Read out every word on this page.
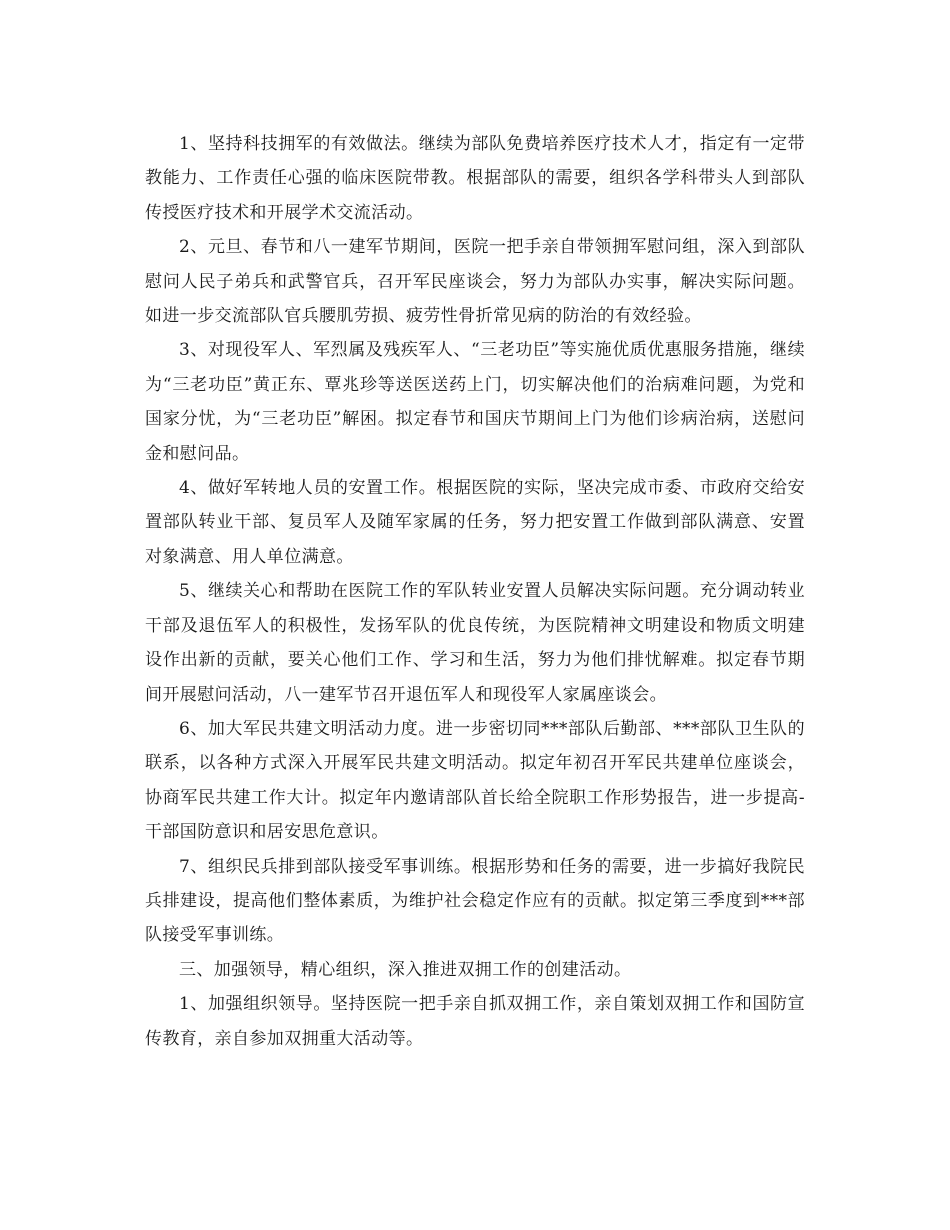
1、坚持科技拥军的有效做法。继续为部队免费培养医疗技术人才，指定有一定带教能力、工作责任心强的临床医院带教。根据部队的需要，组织各学科带头人到部队传授医疗技术和开展学术交流活动。

2、元旦、春节和八一建军节期间，医院一把手亲自带领拥军慰问组，深入到部队慰问人民子弟兵和武警官兵，召开军民座谈会，努力为部队办实事，解决实际问题。如进一步交流部队官兵腰肌劳损、疲劳性骨折常见病的防治的有效经验。

3、对现役军人、军烈属及残疾军人、“三老功臣”等实施优质优惠服务措施，继续为“三老功臣”黄正东、覃兆珍等送医送药上门，切实解决他们的治病难问题，为党和国家分忧，为“三老功臣”解困。拟定春节和国庆节期间上门为他们诊病治病，送慰问金和慰问品。

4、做好军转地人员的安置工作。根据医院的实际，坚决完成市委、市政府交给安置部队转业干部、复员军人及随军家属的任务，努力把安置工作做到部队满意、安置对象满意、用人单位满意。

5、继续关心和帮助在医院工作的军队转业安置人员解决实际问题。充分调动转业干部及退伍军人的积极性，发扬军队的优良传统，为医院精神文明建设和物质文明建设作出新的贡献，要关心他们工作、学习和生活，努力为他们排忧解难。拟定春节期间开展慰问活动，八一建军节召开退伍军人和现役军人家属座谈会。

6、加大军民共建文明活动力度。进一步密切同***部队后勤部、***部队卫生队的联系，以各种方式深入开展军民共建文明活动。拟定年初召开军民共建单位座谈会，协商军民共建工作大计。拟定年内邀请部队首长给全院职工作形势报告，进一步提高-干部国防意识和居安思危意识。

7、组织民兵排到部队接受军事训练。根据形势和任务的需要，进一步搞好我院民兵排建设，提高他们整体素质，为维护社会稳定作应有的贡献。拟定第三季度到***部队接受军事训练。

三、加强领导，精心组织，深入推进双拥工作的创建活动。

1、加强组织领导。坚持医院一把手亲自抓双拥工作，亲自策划双拥工作和国防宣传教育，亲自参加双拥重大活动等。
